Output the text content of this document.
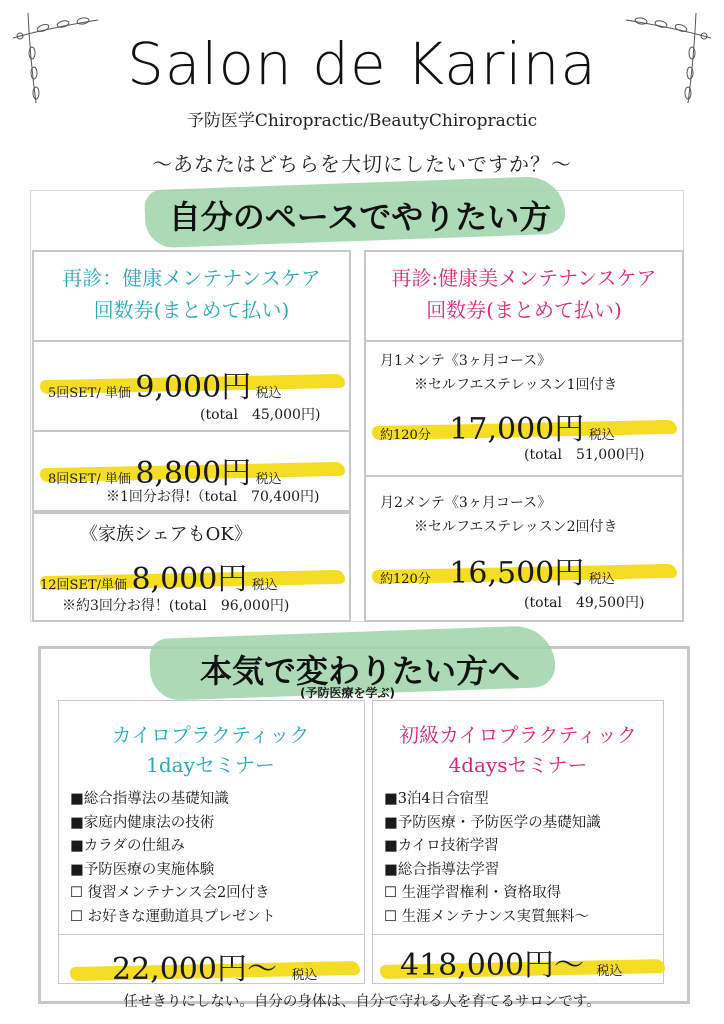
Salon de Karina
予防医学Chiropractic/BeautyChiropractic
～あなたはどちらを大切にしたいですか？～
自分のペースでやりたい方
再診：健康メンテナンスケア
回数券(まとめて払い)
5回SET/ 単価 9,000円 税込
(total　45,000円)
8回SET/ 単価 8,800円 税込
※1回分お得!（total　70,400円)
《家族シェアもOK》
12回SET/単価 8,000円 税込
※約3回分お得！(total　96,000円)
再診:健康美メンテナンスケア
回数券(まとめて払い)
月1メンテ《3ヶ月コース》
※セルフエステレッスン1回付き
約120分 17,000円 税込
(total　51,000円)
月2メンテ《3ヶ月コース》
※セルフエステレッスン2回付き
約120分 16,500円 税込
(total　49,500円)
本気で変わりたい方へ
(予防医療を学ぶ)
カイロプラクティック
1dayセミナー
■総合指導法の基礎知識
■家庭内健康法の技術
■カラダの仕組み
■予防医療の実施体験
☐ 復習メンテナンス会2回付き
☐ お好きな運動道具プレゼント
22,000円～ 税込
初級カイロプラクティック
4daysセミナー
■3泊4日合宿型
■予防医療・予防医学の基礎知識
■カイロ技術学習
■総合指導法学習
☐ 生涯学習権利・資格取得
☐ 生涯メンテナンス実質無料～
418,000円～ 税込
任せきりにしない。自分の身体は、自分で守れる人を育てるサロンです。
